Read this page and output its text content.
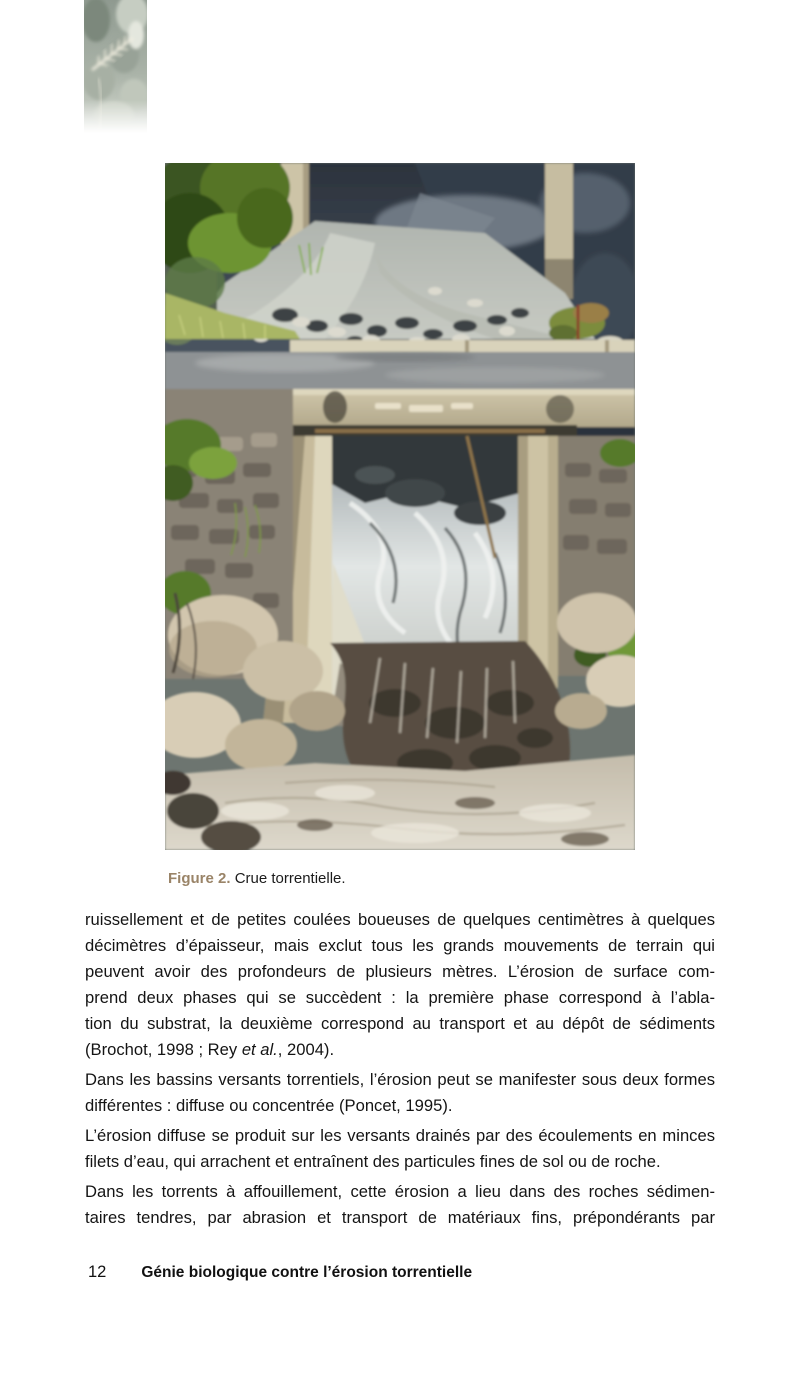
Figure 2. Crue torrentielle.

ruissellement et de petites coulées boueuses de quelques centimètres à quelques
décimètres d’épaisseur, mais exclut tous les grands mouvements de terrain qui
peuvent avoir des profondeurs de plusieurs mètres. L’érosion de surface com-
prend deux phases qui se succèdent : la première phase correspond à l’abla-
tion du substrat, la deuxième correspond au transport et au dépôt de sédiments
(Brochot, 1998 ; Rey et al., 2004).

Dans les bassins versants torrentiels, l’érosion peut se manifester sous deux formes
différentes : diffuse ou concentrée (Poncet, 1995).

L’érosion diffuse se produit sur les versants drainés par des écoulements en minces
filets d’eau, qui arrachent et entraînent des particules fines de sol ou de roche.

Dans les torrents à affouillement, cette érosion a lieu dans des roches sédimen-
taires tendres, par abrasion et transport de matériaux fins, prépondérants par

12 Génie biologique contre l’érosion torrentielle
